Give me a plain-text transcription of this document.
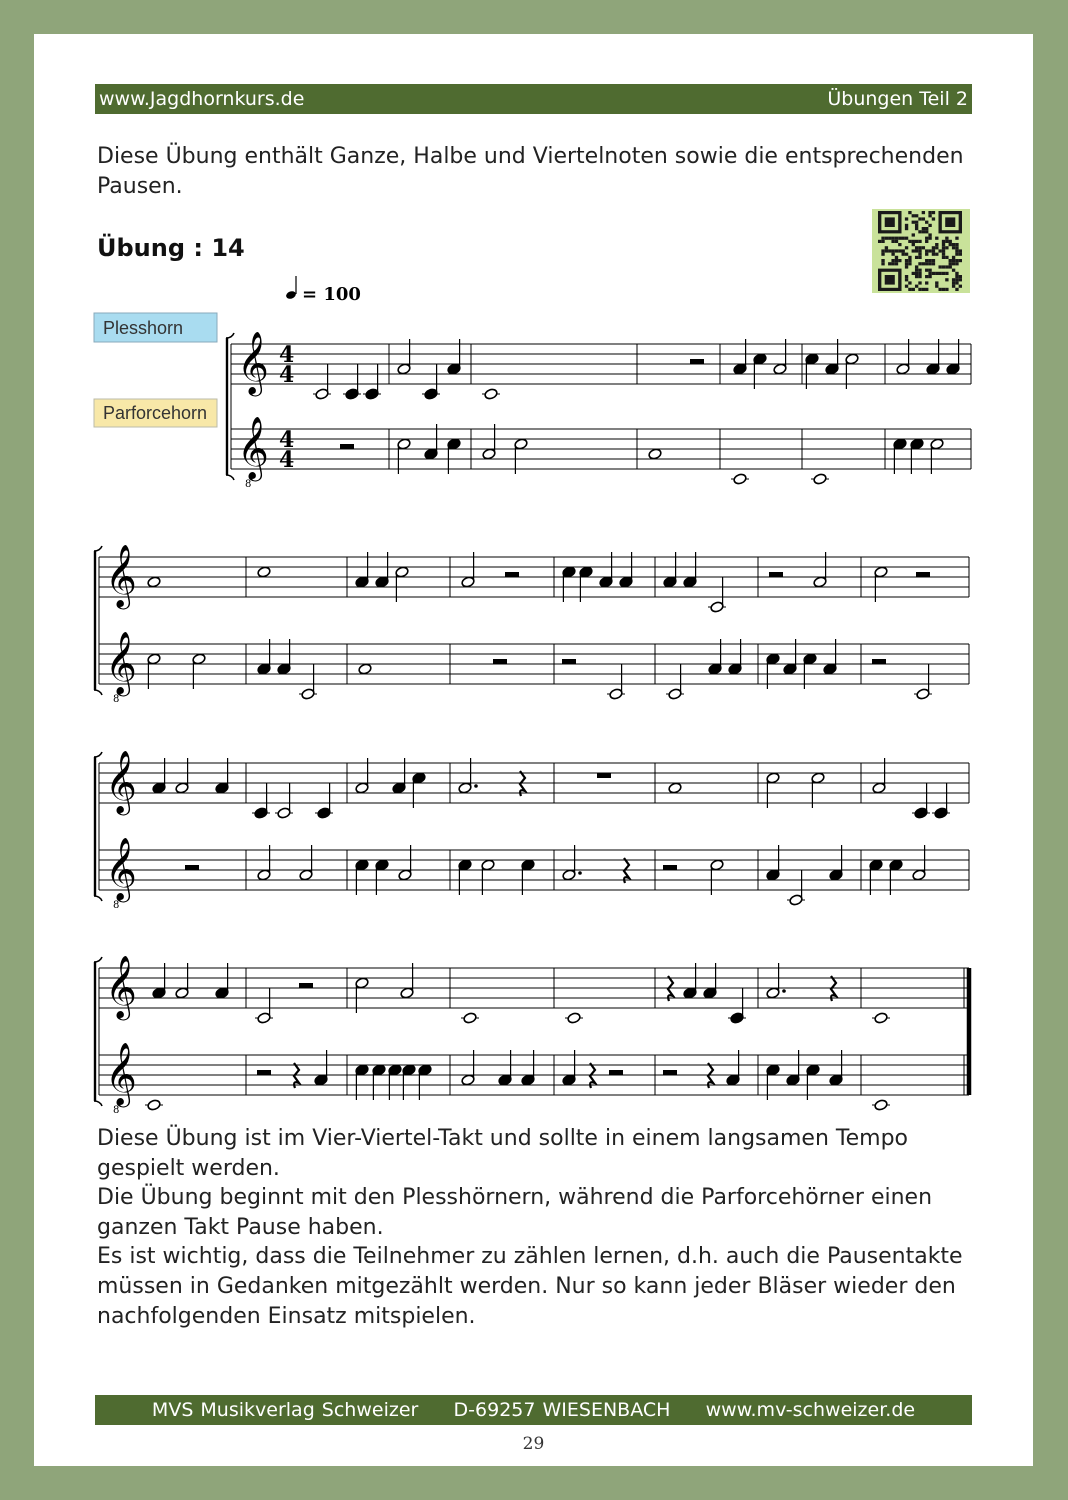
www.Jagdhornkurs.de	Übungen Teil 2
Diese Übung enthält Ganze, Halbe und Viertelnoten sowie die entsprechenden Pausen.
Übung : 14
Plesshorn
Parforcehorn
= 100
𝄞
𝄞
8
4
4
4
4
𝄞
𝄞
8
𝄞
𝄞
8
𝄞
𝄞
8

Diese Übung ist im Vier-Viertel-Takt und sollte in einem langsamen Tempo gespielt werden.

Die Übung beginnt mit den Plesshörnern, während die Parforcehörner einen ganzen Takt Pause haben.

Es ist wichtig, dass die Teilnehmer zu zählen lernen, d.h. auch die Pausentakte müssen in Gedanken mitgezählt werden. Nur so kann jeder Bläser wieder den nachfolgenden Einsatz mitspielen.

MVS Musikverlag Schweizer D-69257 WIESENBACH www.mv-schweizer.de
29
